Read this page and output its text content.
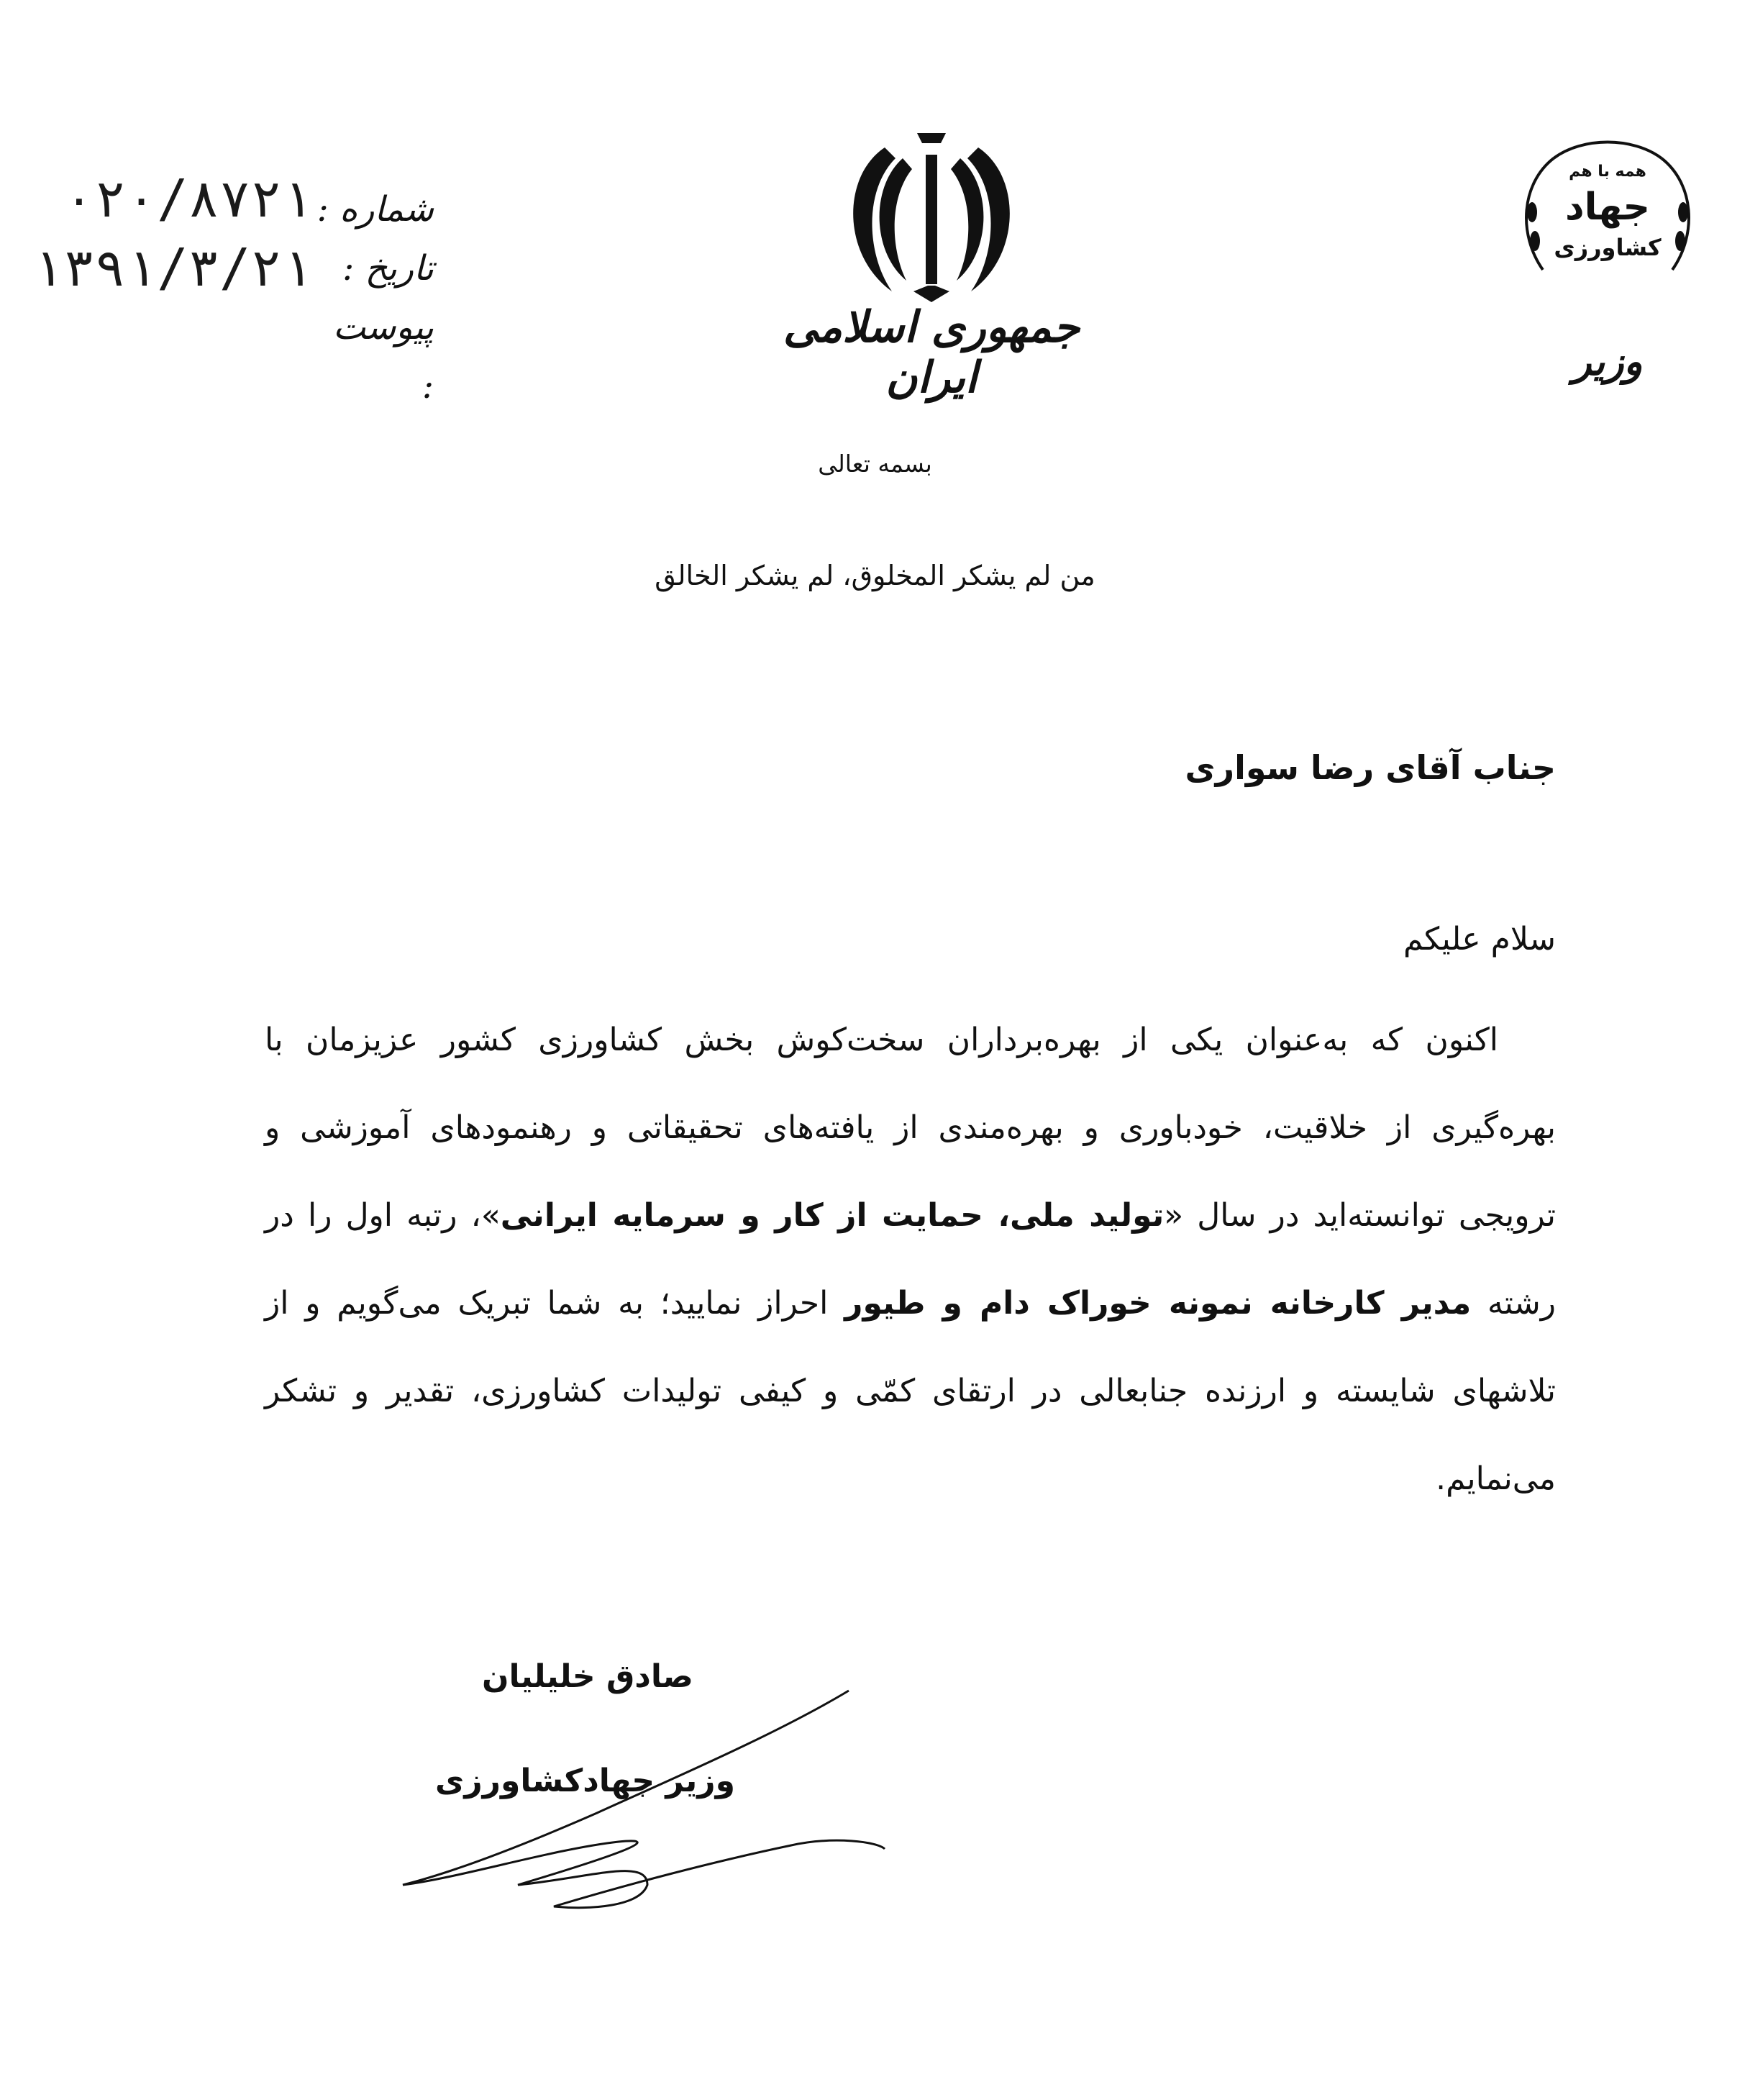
شماره :
تاریخ :
پیوست :
۰۲۰/۸۷۲۱
۱۳۹۱/۳/۲۱
جمهوری اسلامی ایران
همه با هم
جهاد
کشاورزی
وزیر
بسمه تعالی
من لم یشکر المخلوق، لم یشکر الخالق
جناب آقای رضا سواری
سلام علیکم
اکنون که به‌عنوان یکی از بهره‌برداران سخت‌کوش بخش کشاورزی کشور عزیزمان با بهره‌گیری از خلاقیت، خودباوری و بهره‌مندی از یافته‌های تحقیقاتی و رهنمودهای آموزشی و ترویجی توانسته‌اید در سال «تولید ملی، حمایت از کار و سرمایه ایرانی»، رتبه اول را در رشته مدیر کارخانه نمونه خوراک دام و طیور احراز نمایید؛ به شما تبریک می‌گویم و از تلاشهای شایسته و ارزنده جنابعالی در ارتقای کمّی و کیفی تولیدات کشاورزی، تقدیر و تشکر می‌نمایم.
صادق خلیلیان
وزیر جهادکشاورزی
